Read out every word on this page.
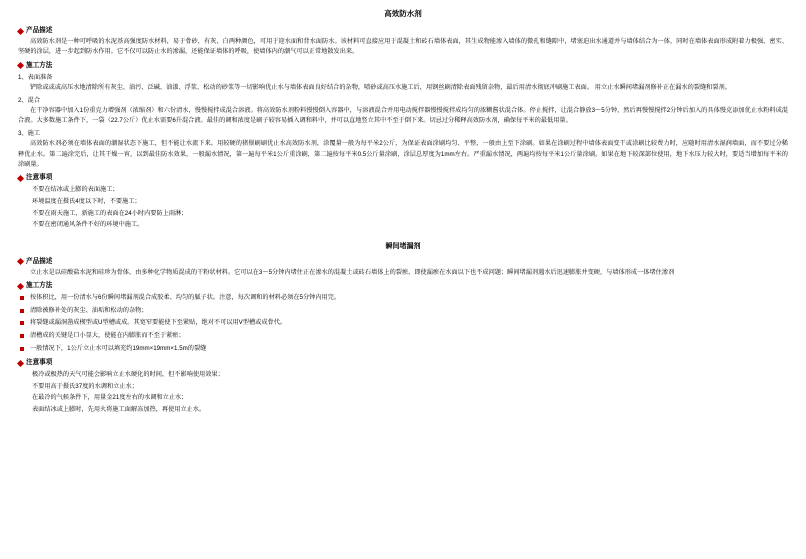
高效防水剂
产品描述

高效防水剂是一种可呼吸的水泥基高强度防水材料，易于骨砂，有灰、白两种颜色，可用于迎水面和背水面防水。该材料可直接应用于混凝土和砖石墙体表面，其生成物能渗入墙体的微孔和缝隙中，堵塞迫出水通道并与墙体结合为一体，同时在墙体表面形成附着力极强、密实、坚硬的涂层，进一步起到防水作用。它不仅可以防止水的渗漏，还能保证墙体的呼吸，使墙体内的潮气可以正常地散发出来。

施工方法
1、表面准备

铲除或或或高压水地清除所有灰尘、油污、泛碱、油漆、浮浆、松动的砂浆等一切影响优止水与墙体表面良好结合的杂物，喷砂或高压水施工后，用钢丝刷清除表面残留杂物，最后用清水彻底冲刷施工表面。 用立止水瞬间堵漏剂修补正在漏水的裂缝和裂剂。

2、混合

在干净容器中加入1份重克力增强剂（浓缩剂）和六份清水，慢慢搅拌成混合溶液。将高效防水剂粉料慢慢倒入容器中，与溶液混合并用电动搅拌器慢慢搅拌成均匀的浓糊酱状混合体。停止搅拌，让混合静放3～5分钟，然后再慢慢搅拌2分钟后加入的具体慢克添加优止水粉料成混合液。大多数施工条件下，一袋（22.7公斤）优止水需要6升混合液。最佳的调和浓度是刷子较容易插入调和料中，并可以直地竖立其中不至于倒下来。切忌过分稀释高效防水剂，确保每平米的最低用量。

3、施工

高效防水剂必须在墙体表面的潮湿状态下施工，但不能让水流下来。用较硬的猪鬃刷刷优止水高效防水剂，涂覆量一般为每平米2公斤，为保证表面涂刷均匀、平整，一般由上至下涂刷。如果在涂刷过程中墙体表面变干或涂刷比较费力时，应随时用清水湿润墙面，而不要过分稀释优止水。第二遍涂完后，让其干燥一宵，以到最佳防水效果，一般漏水情况，第一遍每平米1公斤重涂刷，第二遍按每平米0.5公斤量涂刷，涂层总厚度为1mm左右。严重漏水情况，两遍均按每平米1公斤量涂刷。如果在地下较深部位使用，地下水压力较大时，要适当增加每平米的涂刷量。

注意事项
不要在结冰或上膨的表面施工；
环境温度在摄氏4度以下时，不要施工；
不要在雨天施工，新施工的表面在24小时内要防上雨淋；
不要在密闭通风条件不好的环境中施工。
瞬间堵漏剂
产品描述

立止水是以硅酸盐水泥和硅珍为骨体，由多种化学物质混成的干粉状材料。它可以在3～5分钟内堵住正在渗水的混凝土或砖石墙体上的裂瘀，即使漏瘀在水面以下也不成问题；瞬间堵漏剂遇水后迅速膨胀并变硬，与墙体形成一体堵住渗剂

施工方法
按体积比，用一份清水与6份瞬间堵漏剂混合成胶柔、均匀的腻子状。注意，每次调和的材料必须在5分钟内用完。
清除被修补处的灰尘、油垢和松动的杂物；
将裂缝或漏洞凿成楔型或U型槽或成。其宽窄要能使下至紧贴，绝对不可以用V型槽或成骨代。
清槽成的关键是口小显大，使能在内膨胀而不至于紧瘀；
一般情况下，1公斤立止水可以填充约19mm×19mm×1.5m的裂缝
注意事项
极冷或极热的天气可能会影响立止水硬化的时间，但不影响使用效果；
不要用高于摄氏37度的水调和立止水；
在最冷的气候条件下，用量金21度左右的水调和立止水；
表面结冰或上膨时，先用火将施工面解冻加热，再使用立止水。
